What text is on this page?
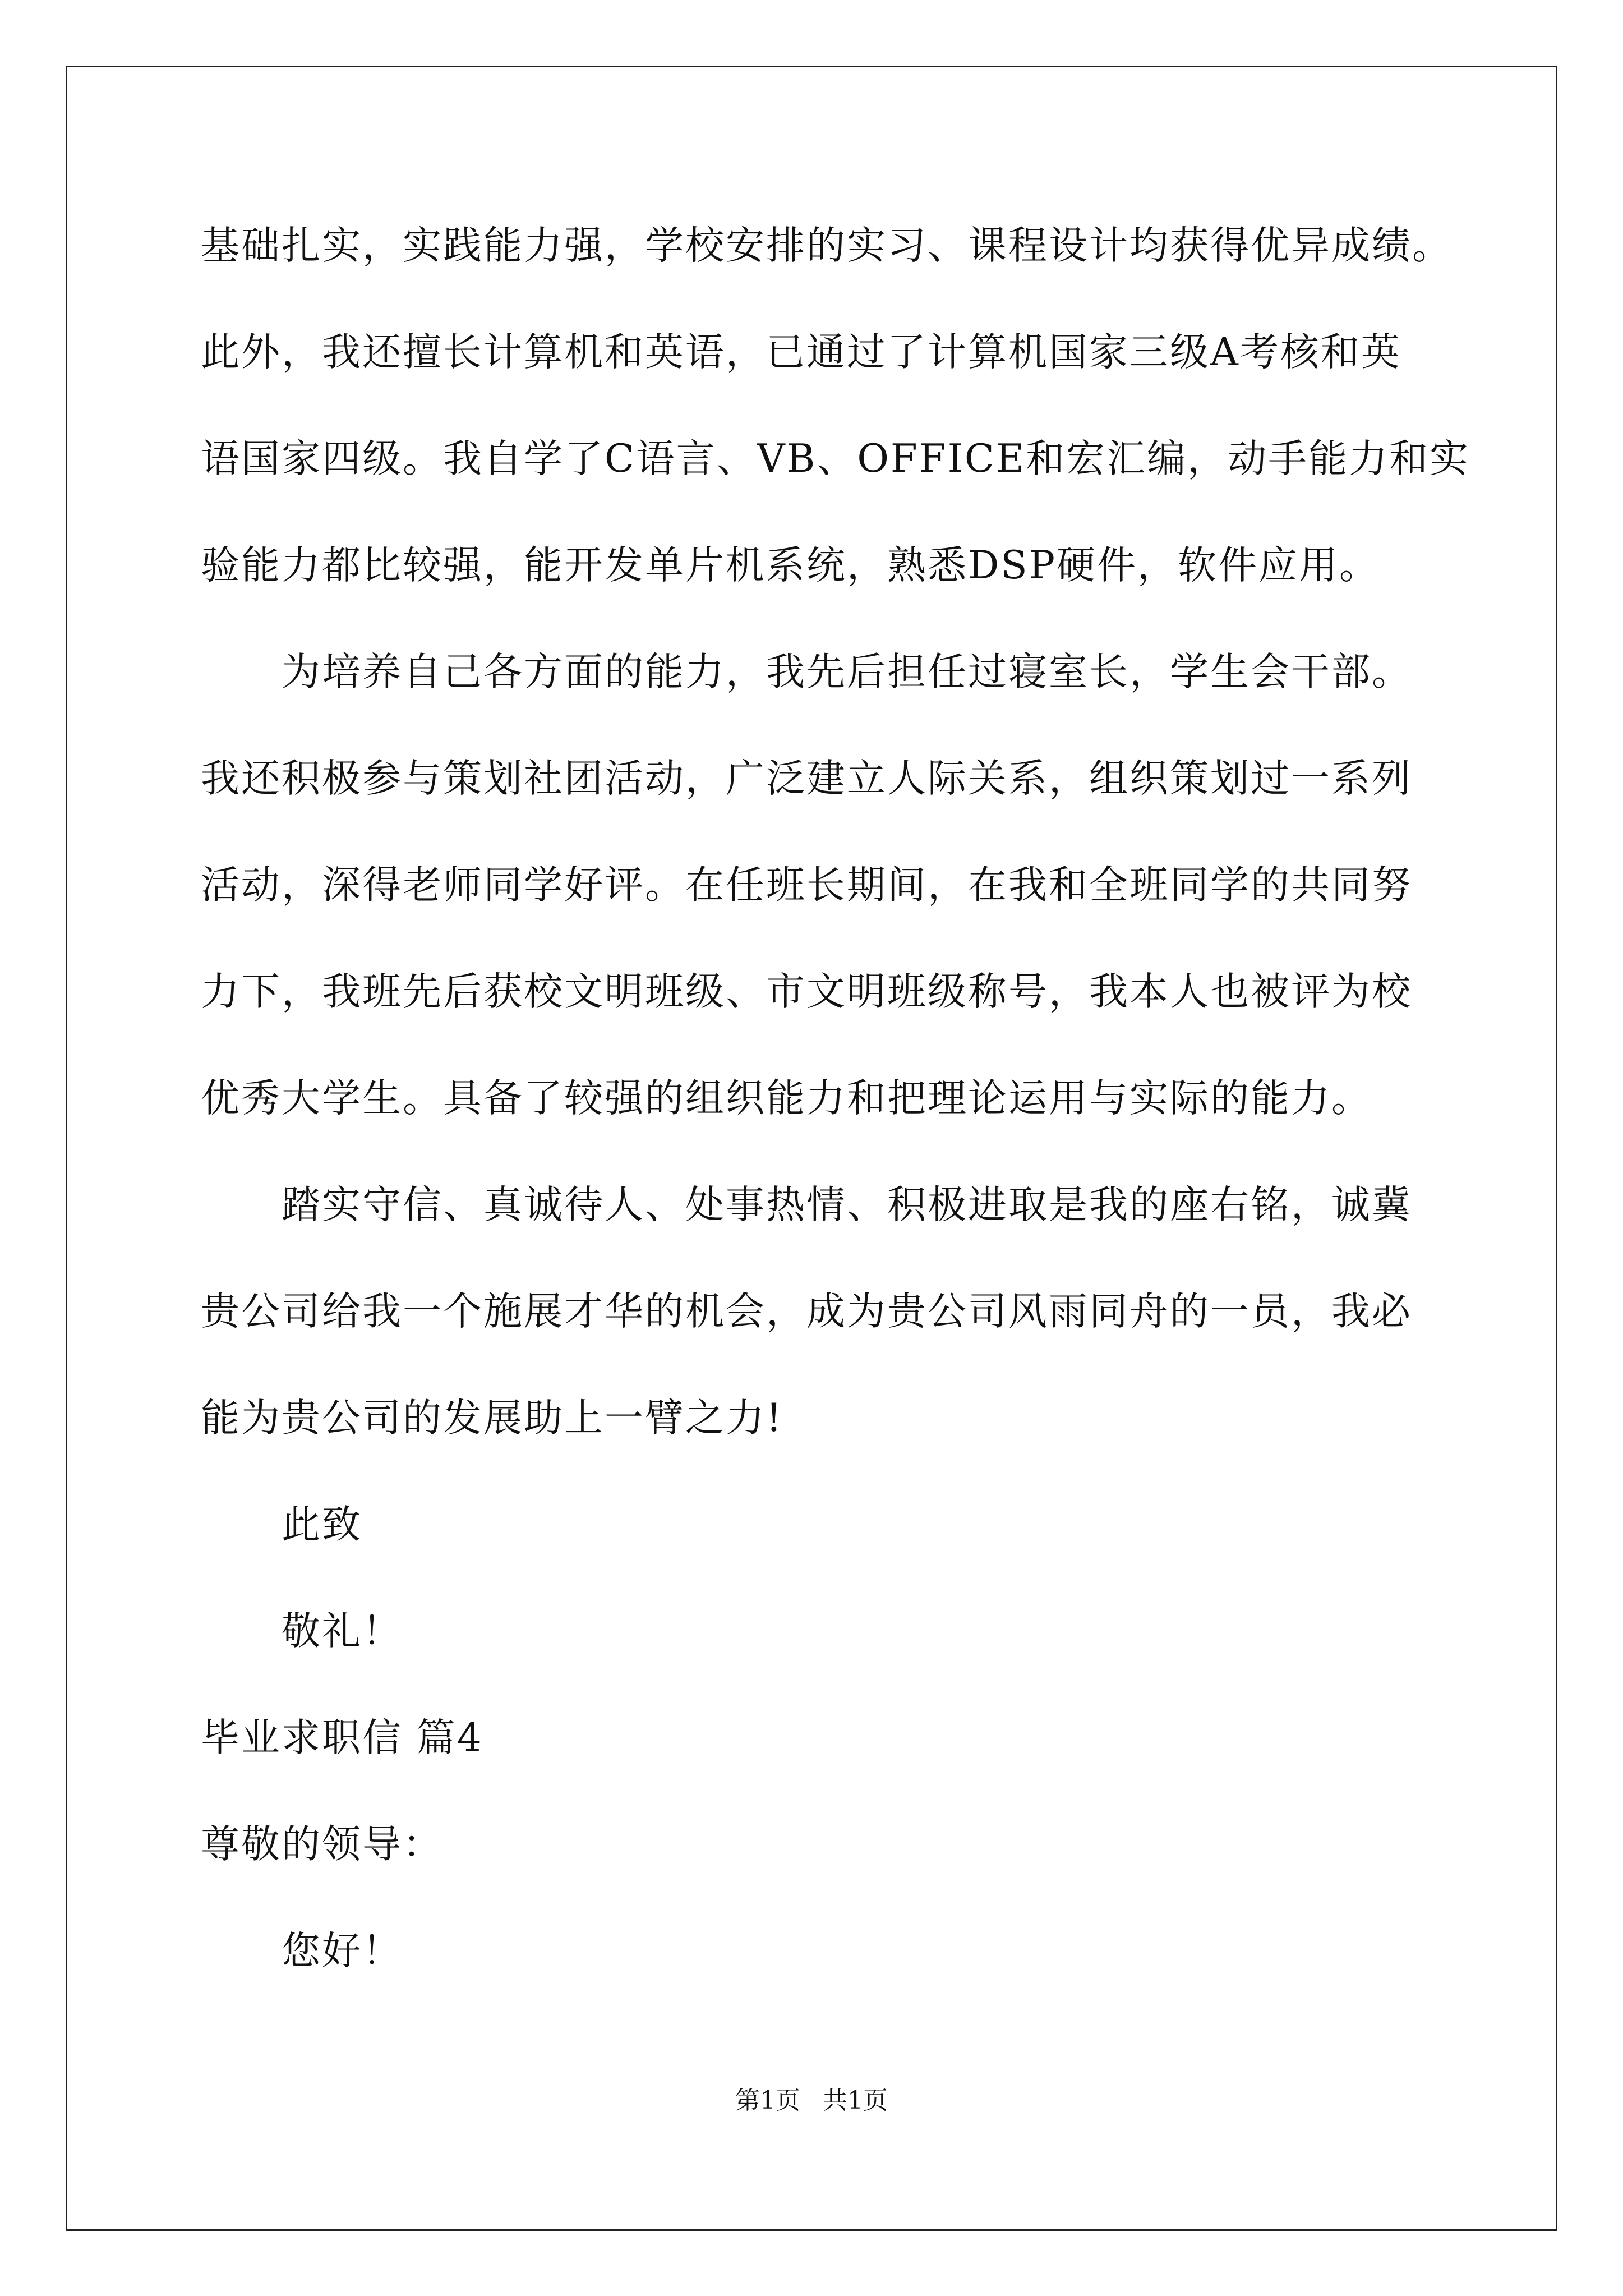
基础扎实，实践能力强，学校安排的实习、课程设计均获得优异成绩。
此外，我还擅长计算机和英语，已通过了计算机国家三级A考核和英
语国家四级。我自学了C语言、VB、OFFICE和宏汇编，动手能力和实
验能力都比较强，能开发单片机系统，熟悉DSP硬件，软件应用。
为培养自己各方面的能力，我先后担任过寝室长，学生会干部。
我还积极参与策划社团活动，广泛建立人际关系，组织策划过一系列
活动，深得老师同学好评。在任班长期间，在我和全班同学的共同努
力下，我班先后获校文明班级、市文明班级称号，我本人也被评为校
优秀大学生。具备了较强的组织能力和把理论运用与实际的能力。
踏实守信、真诚待人、处事热情、积极进取是我的座右铭，诚冀
贵公司给我一个施展才华的机会，成为贵公司风雨同舟的一员，我必
能为贵公司的发展助上一臂之力!
此致
敬礼！
毕业求职信 篇4
尊敬的领导：
您好！
第1页 共1页
